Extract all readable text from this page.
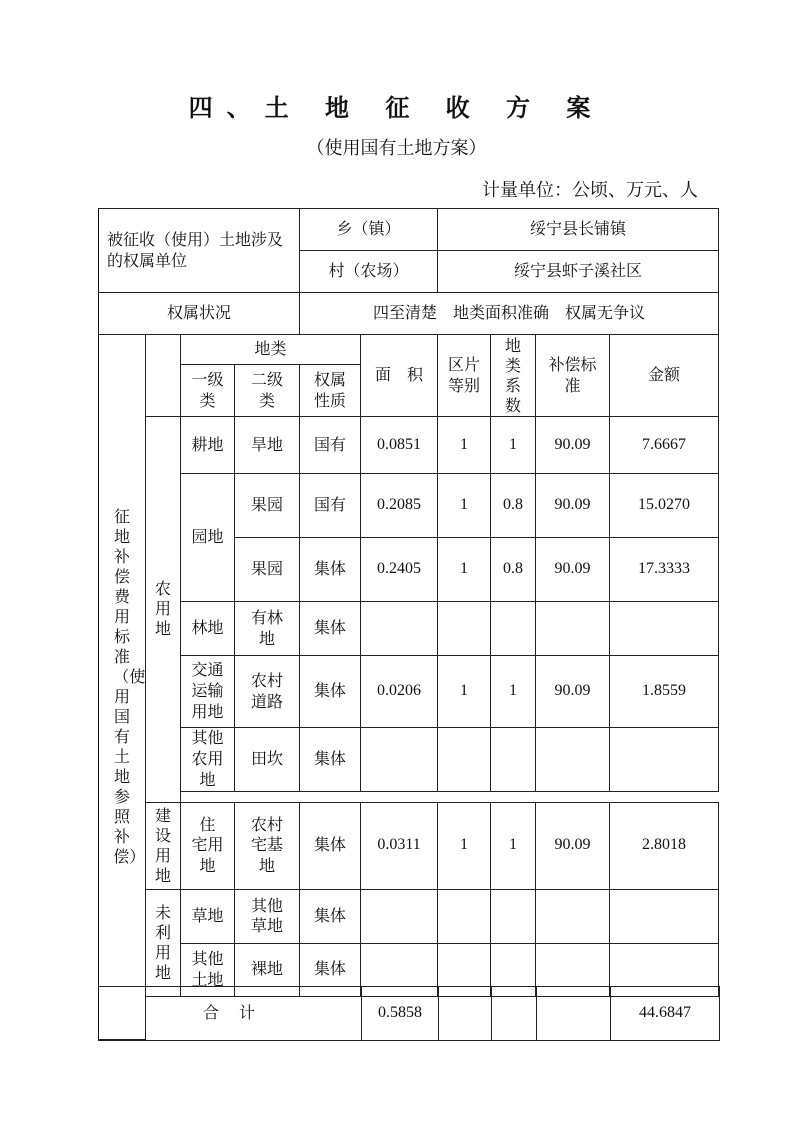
四、土 地 征 收 方 案
（使用国有土地方案）
计量单位：公顷、万元、人
被征收（使用）土地涉及的权属单位				乡（镇）		绥宁县长铺镇			
				村（农场）		绥宁县虾子溪社区			
权属状况				四至清楚　地类面积准确　权属无争议					

征地补偿费用标准（使用国有土地参照补偿）		地类			面　积	区片等别	地类系数	补偿标准	金额

		一级类	二级类	权属性质					

	农用地	耕地	旱地	国有	0.0851	1	1	90.09	7.6667
		园地	果园	国有	0.2085	1	0.8	90.09	15.0270
			果园	集体	0.2405	1	0.8	90.09	17.3333
		林地	有林地	集体					

		交通运输用地	农村道路	集体	0.0206	1	1	90.09	1.8559

		其他农用地	田坎	集体					

	建设用地	住 宅用地	农村宅基地	集体	0.0311	1	1	90.09	2.8018

	未利用地	草地	其他草地	集体					

		其他土地	裸地	集体					

合　计	0.5858				44.6847
